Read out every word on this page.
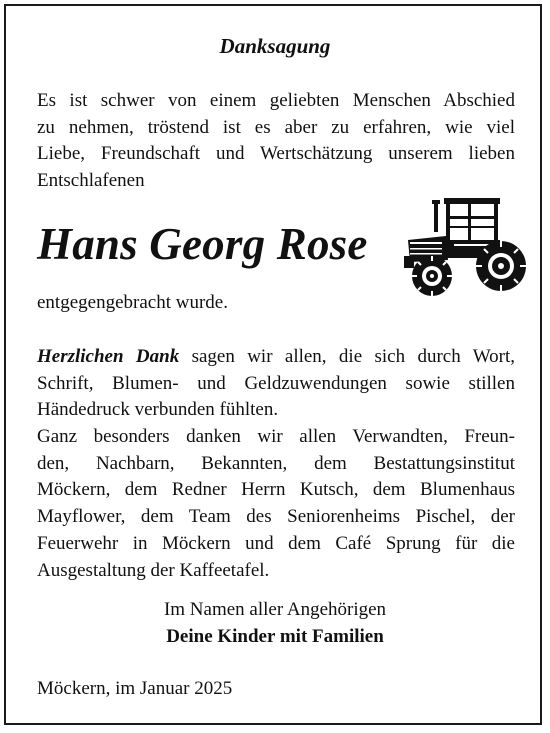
Danksagung
Es ist schwer von einem geliebten Menschen Abschied
zu nehmen, tröstend ist es aber zu erfahren, wie viel
Liebe, Freundschaft und Wertschätzung unserem lieben
Entschlafenen
Hans Georg Rose
entgegengebracht wurde.
Herzlichen Dank sagen wir allen, die sich durch Wort,
Schrift, Blumen- und Geldzuwendungen sowie stillen
Händedruck verbunden fühlten.
Ganz besonders danken wir allen Verwandten, Freun-
den, Nachbarn, Bekannten, dem Bestattungsinstitut
Möckern, dem Redner Herrn Kutsch, dem Blumenhaus
Mayflower, dem Team des Seniorenheims Pischel, der
Feuerwehr in Möckern und dem Café Sprung für die
Ausgestaltung der Kaffeetafel.
Im Namen aller Angehörigen
Deine Kinder mit Familien
Möckern, im Januar 2025
